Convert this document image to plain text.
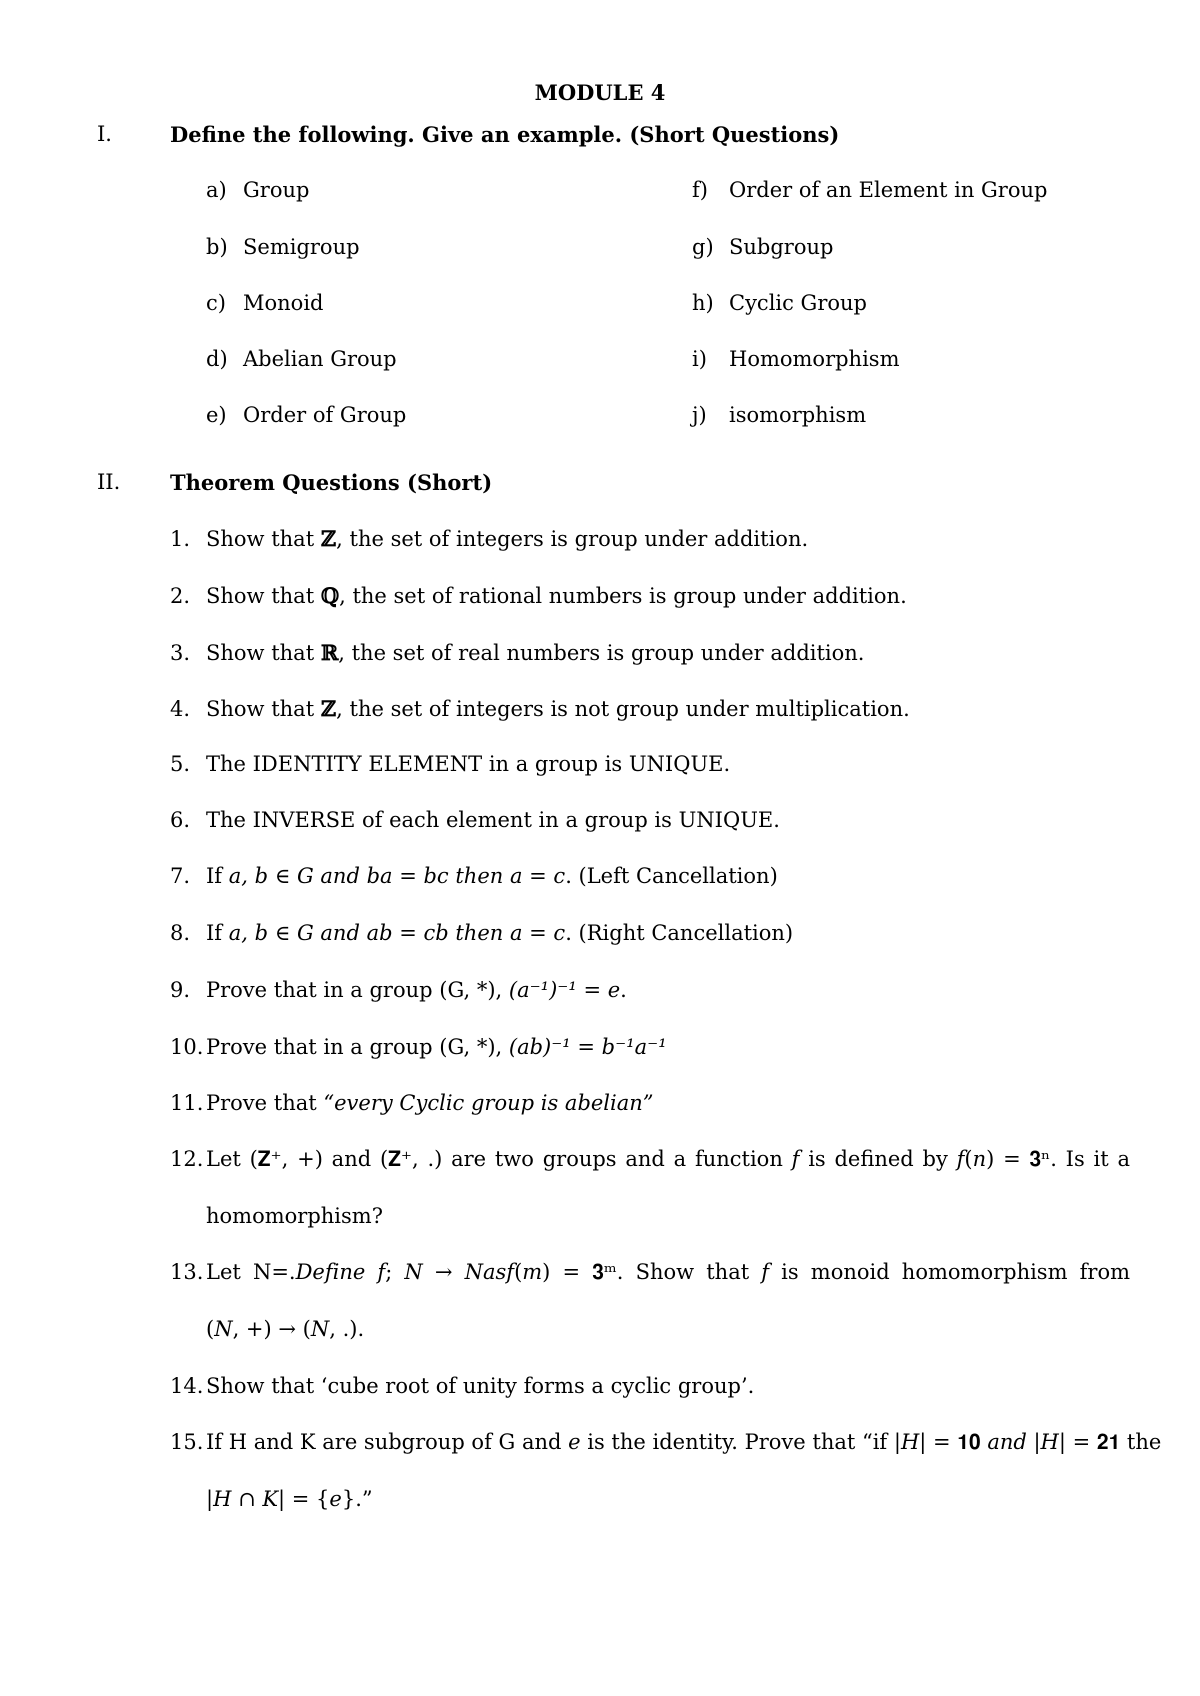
MODULE 4
I.	Define the following. Give an example. (Short Questions)
a) Group
b) Semigroup
c) Monoid
d) Abelian Group
e) Order of Group
f) Order of an Element in Group
g) Subgroup
h) Cyclic Group
i) Homomorphism
j) isomorphism
II. Theorem Questions (Short)
1. Show that ℤ, the set of integers is group under addition.
2. Show that ℚ, the set of rational numbers is group under addition.
3. Show that ℝ, the set of real numbers is group under addition.
4. Show that ℤ, the set of integers is not group under multiplication.
5. The IDENTITY ELEMENT in a group is UNIQUE.
6. The INVERSE of each element in a group is UNIQUE.
7. If a, b ∈ G and ba = bc then a = c. (Left Cancellation)
8. If a, b ∈ G and ab = cb then a = c. (Right Cancellation)
9. Prove that in a group (G, *), (a⁻¹)⁻¹ = e.
10. Prove that in a group (G, *), (ab)⁻¹ = b⁻¹a⁻¹
11. Prove that “every Cyclic group is abelian”
12. Let (𝐙⁺, +) and (𝐙⁺, .) are two groups and a function 𝑓 is defined by 𝑓(𝑛) = 𝟑ⁿ. Is it a
homomorphism?
13. Let N=.𝐷𝑒𝑓𝑖𝑛𝑒 𝑓; 𝑁 → 𝑁𝑎𝑠𝑓(𝑚) = 𝟑ᵐ. Show that 𝑓 is monoid homomorphism from
(𝑁, +) → (𝑁, .).
14. Show that ‘cube root of unity forms a cyclic group’.
15. If H and K are subgroup of G and 𝑒 is the identity. Prove that “if |𝐻| = 𝟏𝟎 𝑎𝑛𝑑 |𝐻| = 𝟐𝟏 the
|𝐻 ∩ 𝐾| = {𝑒}.”
